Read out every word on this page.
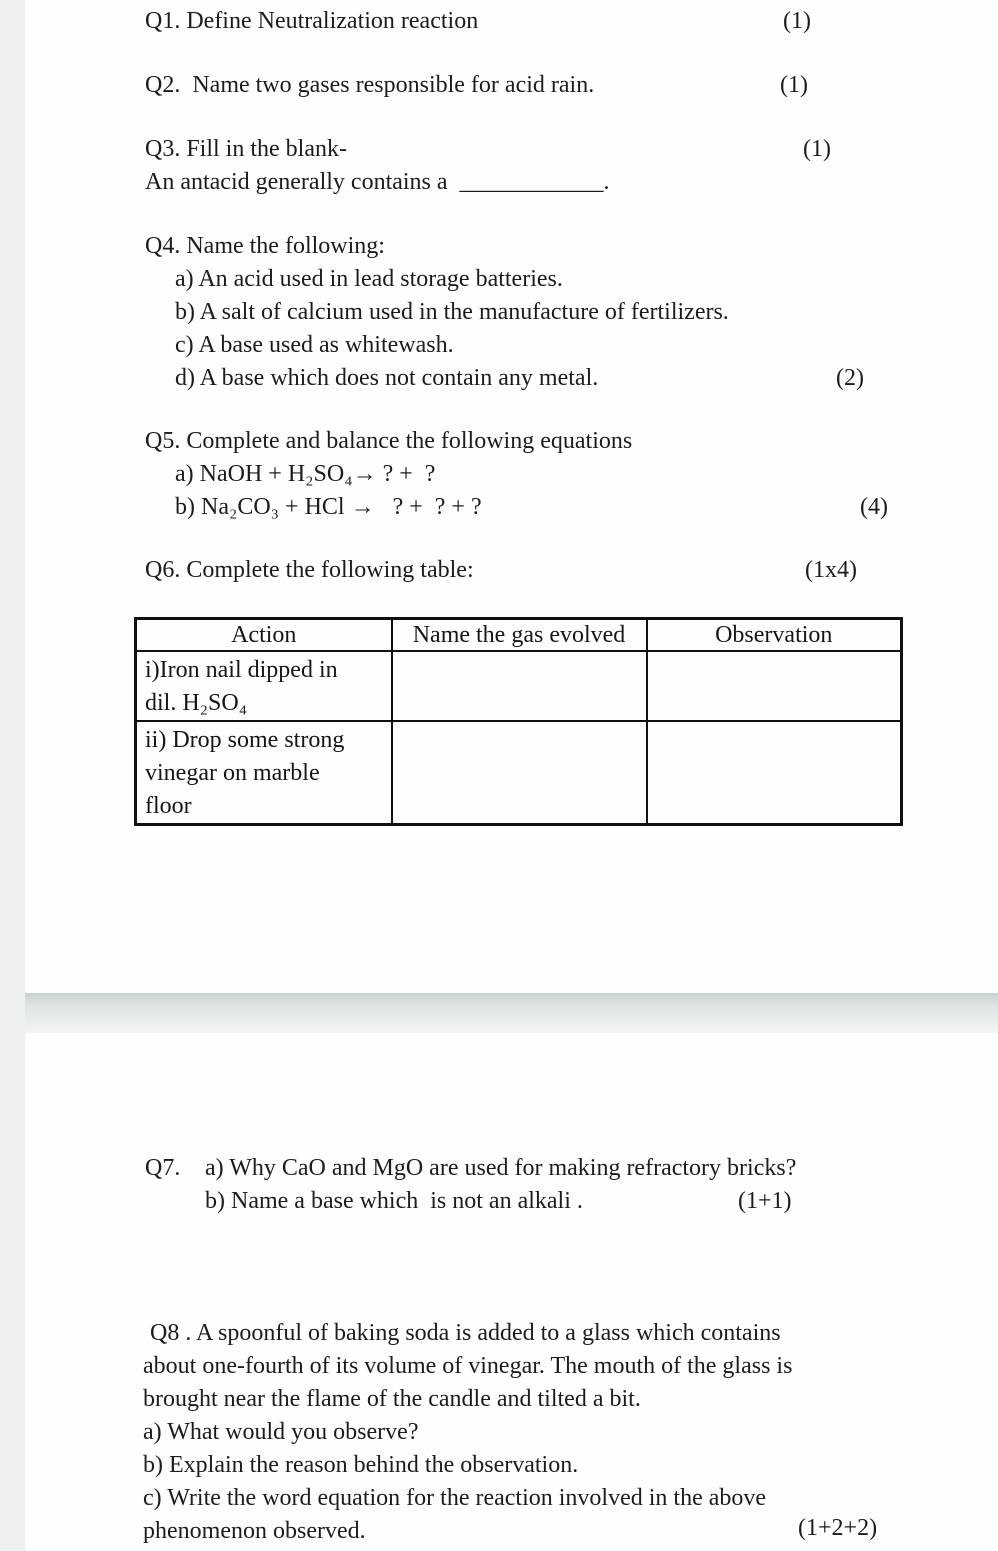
Q1. Define Neutralization reaction	(1)
Q2.  Name two gases responsible for acid rain.	(1)
Q3. Fill in the blank-	(1)
An antacid generally contains a  ____________.
Q4. Name the following:
a) An acid used in lead storage batteries.
b) A salt of calcium used in the manufacture of fertilizers.
c) A base used as whitewash.
d) A base which does not contain any metal.	(2)
Q5. Complete and balance the following equations
a) NaOH + H₂SO₄→ ? +  ?
b) Na₂CO₃ + HCl →   ? +  ? + ?	(4)
Q6. Complete the following table:	(1x4)
Action	Name the gas evolved	Observation

i)Iron nail dipped in
dil. H₂SO₄		

ii) Drop some strong
vinegar on marble
floor		

Q7. a) Why CaO and MgO are used for making refractory bricks?
b) Name a base which  is not an alkali .	(1+1)
Q8 . A spoonful of baking soda is added to a glass which contains
about one-fourth of its volume of vinegar. The mouth of the glass is
brought near the flame of the candle and tilted a bit.
a) What would you observe?
b) Explain the reason behind the observation.
c) Write the word equation for the reaction involved in the above
phenomenon observed.	(1+2+2)
